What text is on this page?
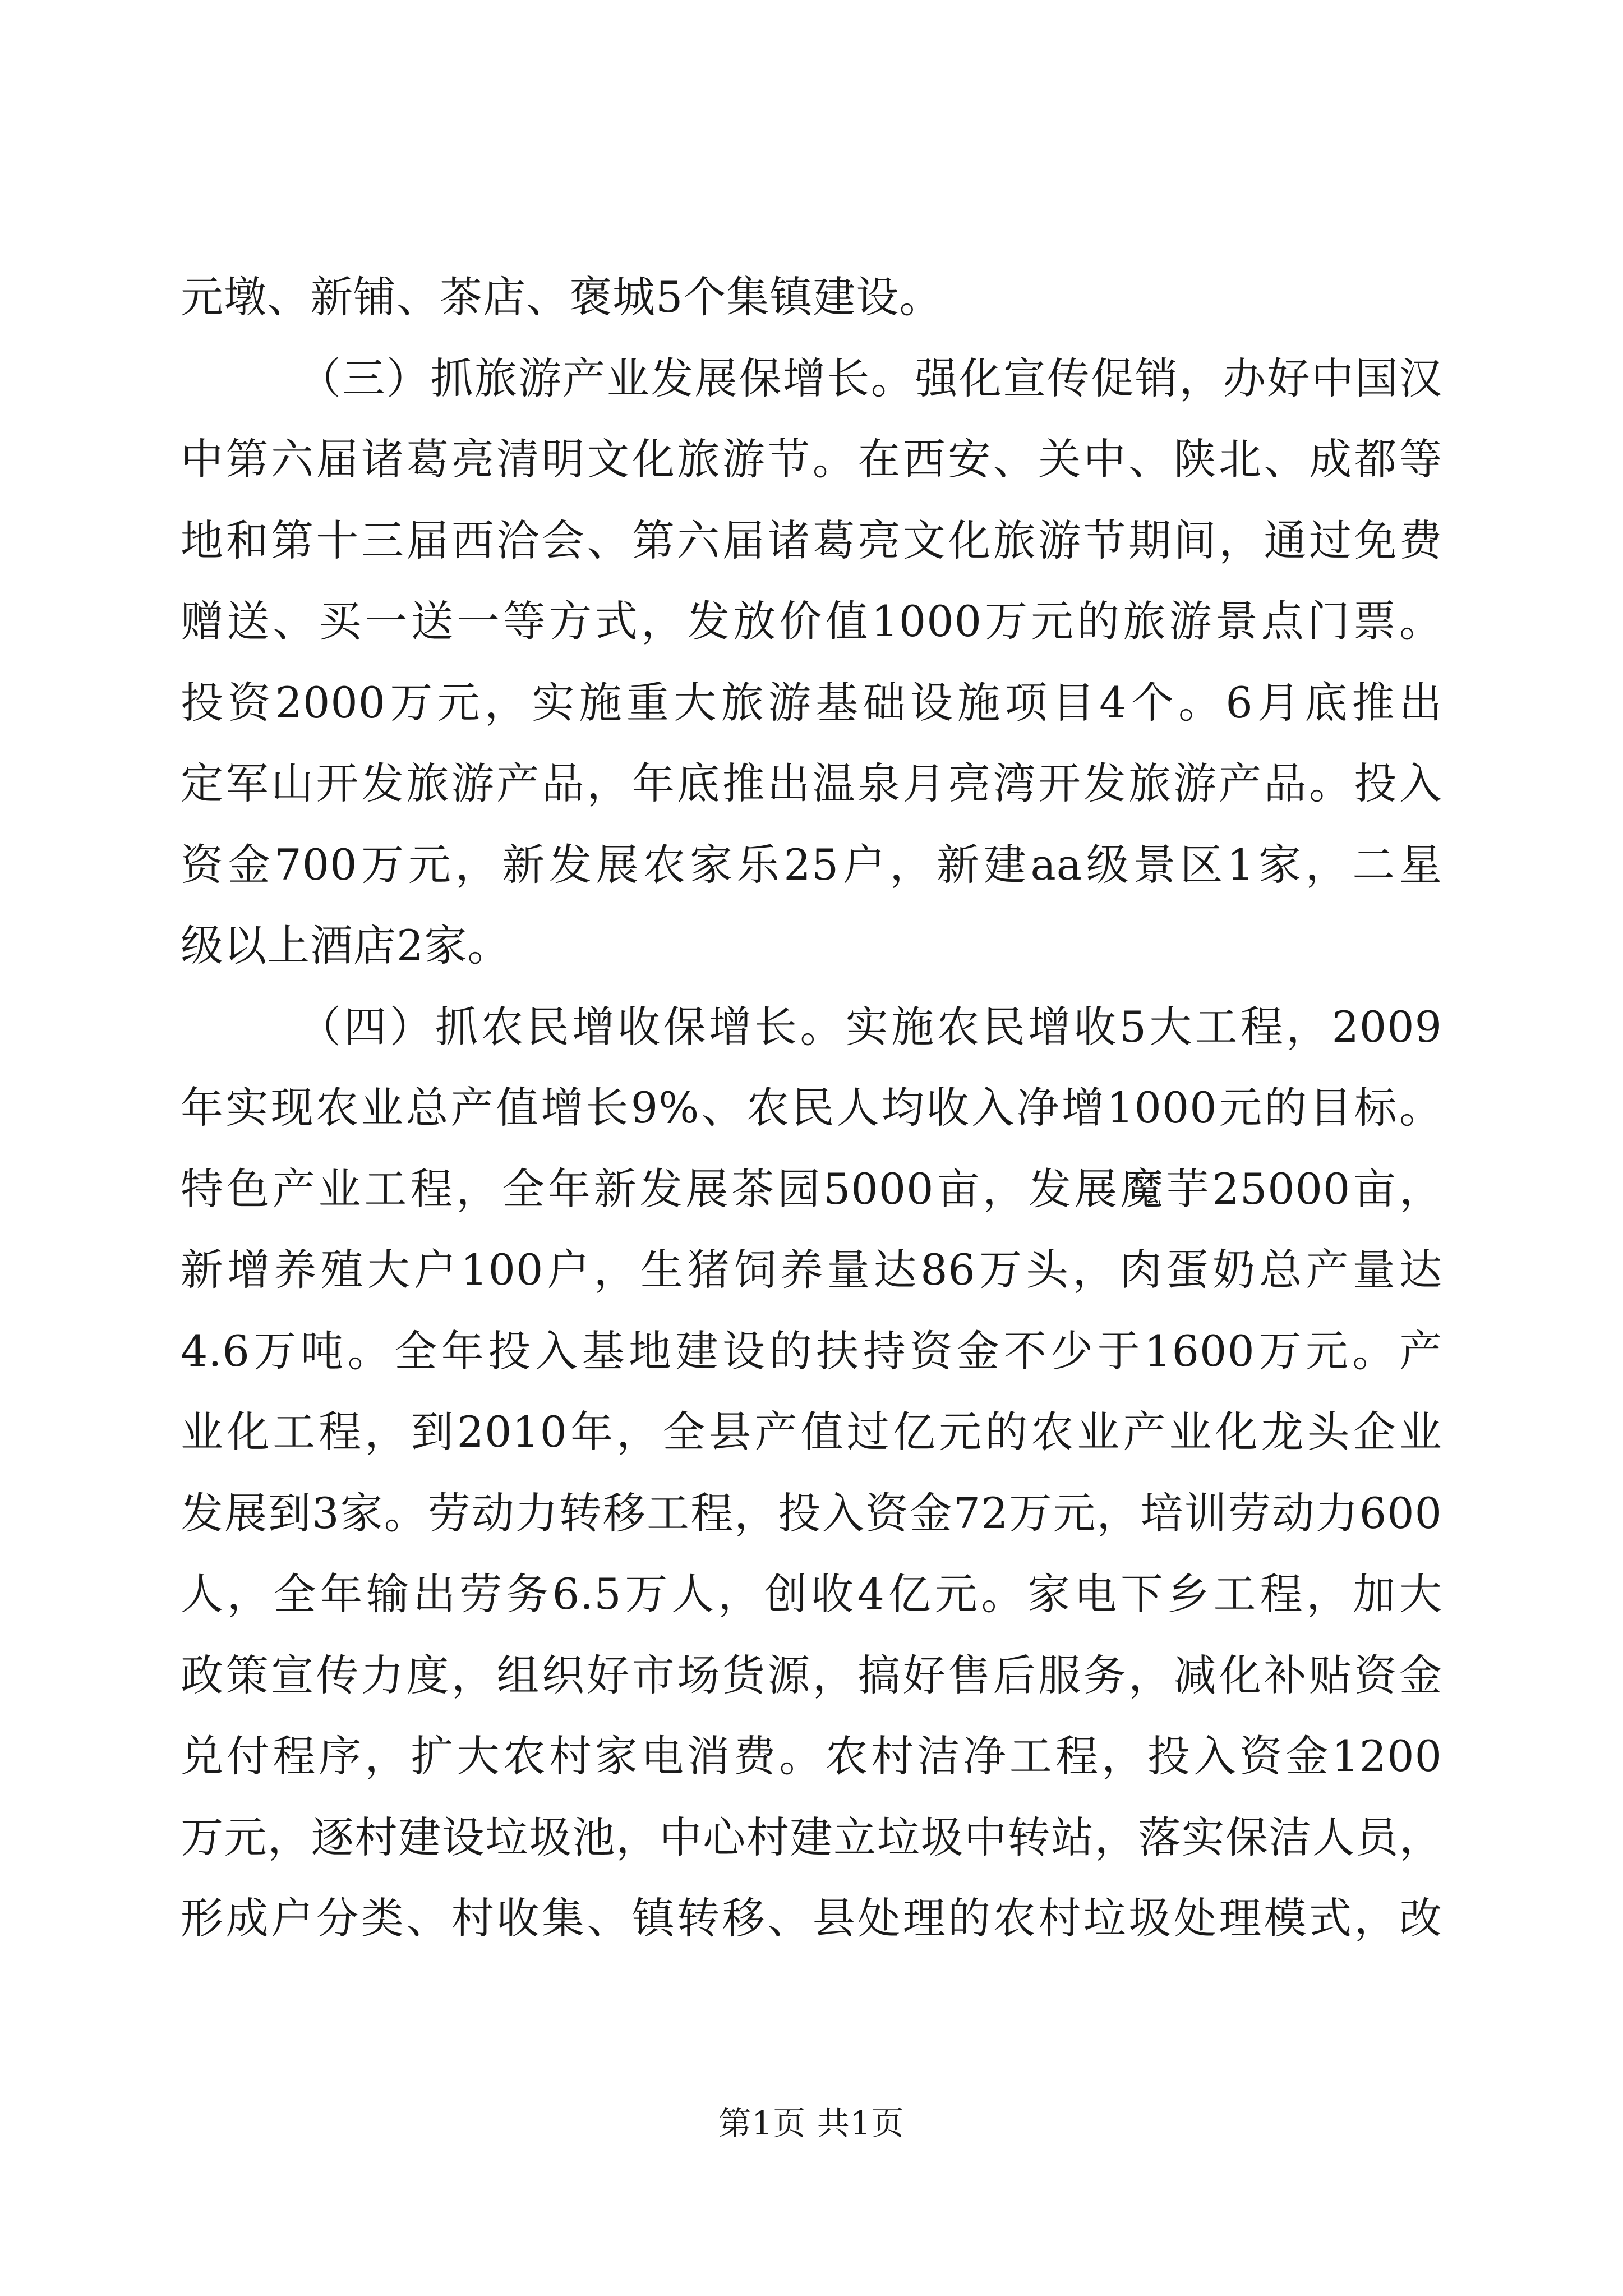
元墩、新铺、茶店、褒城5个集镇建设。
（三）抓旅游产业发展保增长。强化宣传促销，办好中国汉
中第六届诸葛亮清明文化旅游节。在西安、关中、陕北、成都等
地和第十三届西洽会、第六届诸葛亮文化旅游节期间，通过免费
赠送、买一送一等方式，发放价值1000万元的旅游景点门票。
投资2000万元，实施重大旅游基础设施项目4个。6月底推出
定军山开发旅游产品，年底推出温泉月亮湾开发旅游产品。投入
资金700万元，新发展农家乐25户，新建aa级景区1家，二星
级以上酒店2家。
（四）抓农民增收保增长。实施农民增收5大工程，2009
年实现农业总产值增长9%、农民人均收入净增1000元的目标。
特色产业工程，全年新发展茶园5000亩，发展魔芋25000亩，
新增养殖大户100户，生猪饲养量达86万头，肉蛋奶总产量达
4.6万吨。全年投入基地建设的扶持资金不少于1600万元。产
业化工程，到2010年，全县产值过亿元的农业产业化龙头企业
发展到3家。劳动力转移工程，投入资金72万元，培训劳动力600
人，全年输出劳务6.5万人，创收4亿元。家电下乡工程，加大
政策宣传力度，组织好市场货源，搞好售后服务，减化补贴资金
兑付程序，扩大农村家电消费。农村洁净工程，投入资金1200
万元，逐村建设垃圾池，中心村建立垃圾中转站，落实保洁人员，
形成户分类、村收集、镇转移、县处理的农村垃圾处理模式，改
第1页 共1页
